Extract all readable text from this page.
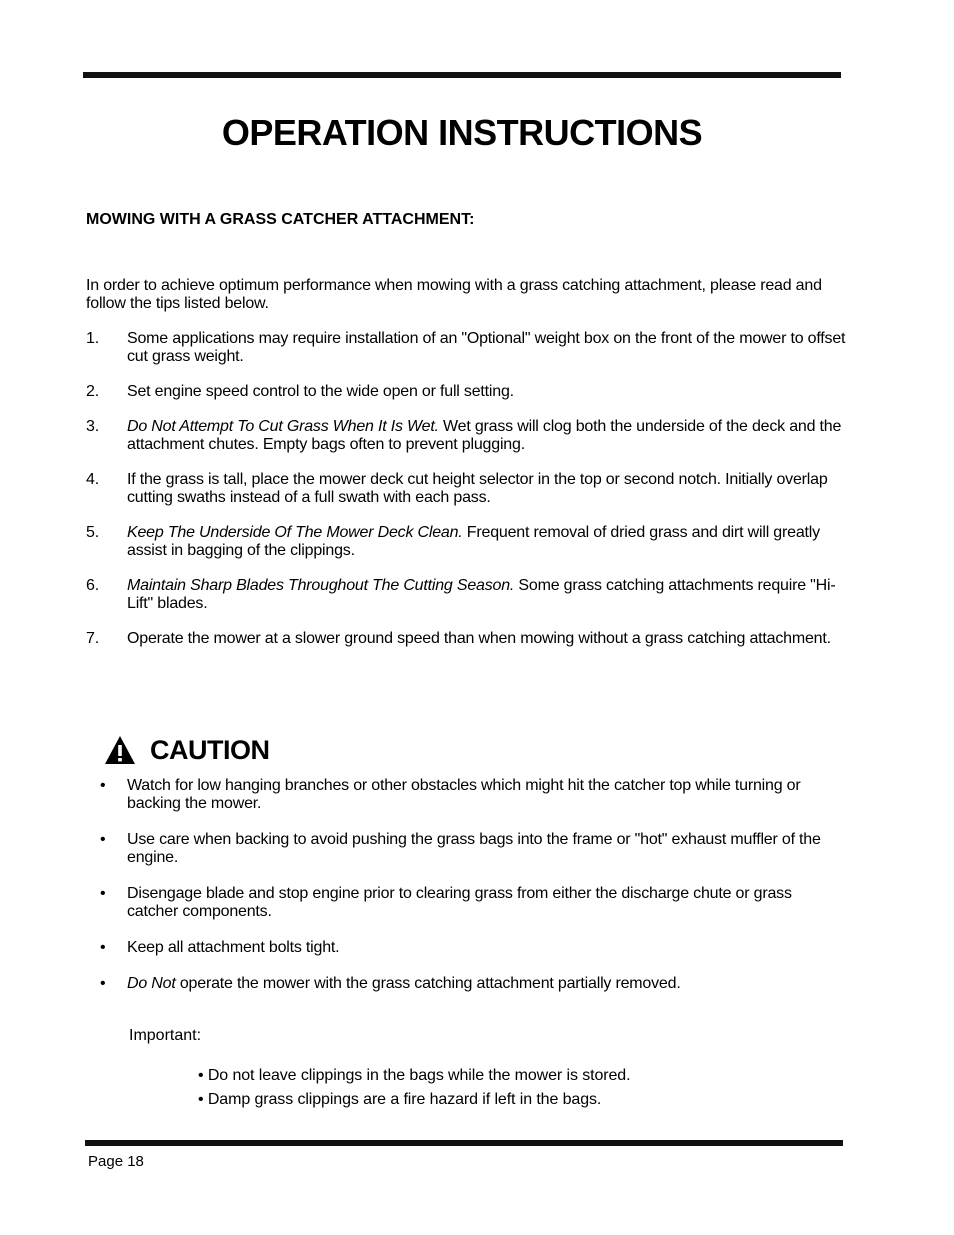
OPERATION INSTRUCTIONS
MOWING WITH A GRASS CATCHER ATTACHMENT:
In order to achieve optimum performance when mowing with a grass catching attachment, please read and follow the tips listed below.
1. Some applications may require installation of an "Optional" weight box on the front of the mower to offset cut grass weight.
2. Set engine speed control to the wide open or full setting.
3. Do Not Attempt To Cut Grass When It Is Wet. Wet grass will clog both the underside of the deck and the attachment chutes. Empty bags often to prevent plugging.
4. If the grass is tall, place the mower deck cut height selector in the top or second notch. Initially overlap cutting swaths instead of a full swath with each pass.
5. Keep The Underside Of The Mower Deck Clean. Frequent removal of dried grass and dirt will greatly assist in bagging of the clippings.
6. Maintain Sharp Blades Throughout The Cutting Season. Some grass catching attachments require "Hi-Lift" blades.
7. Operate the mower at a slower ground speed than when mowing without a grass catching attachment.
CAUTION
• Watch for low hanging branches or other obstacles which might hit the catcher top while turning or backing the mower.
• Use care when backing to avoid pushing the grass bags into the frame or "hot" exhaust muffler of the engine.
• Disengage blade and stop engine prior to clearing grass from either the discharge chute or grass catcher components.
• Keep all attachment bolts tight.
• Do Not operate the mower with the grass catching attachment partially removed.
Important:
• Do not leave clippings in the bags while the mower is stored.
• Damp grass clippings are a fire hazard if left in the bags.
Page 18
